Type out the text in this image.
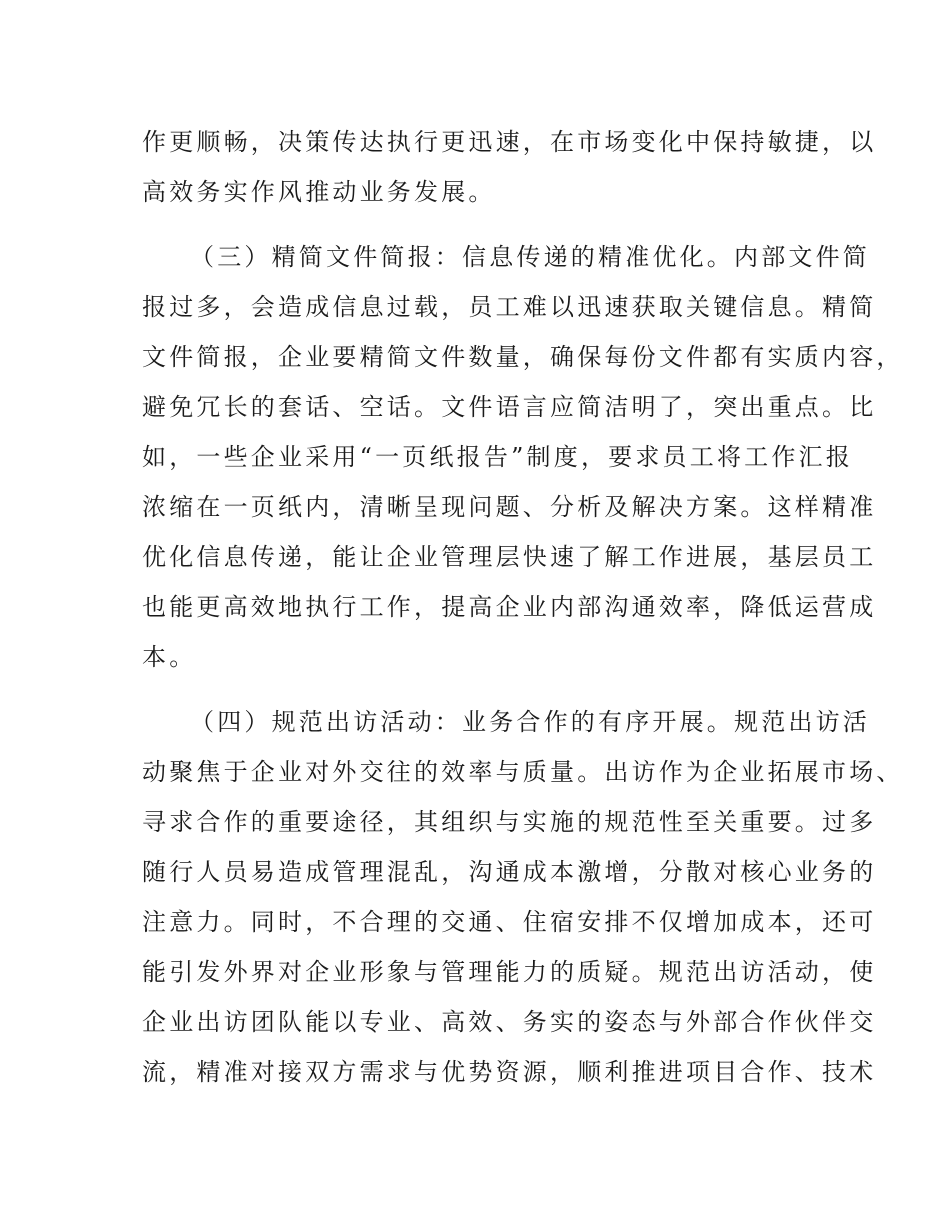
作更顺畅，决策传达执行更迅速，在市场变化中保持敏捷，以
高效务实作风推动业务发展。
（三）精简文件简报：信息传递的精准优化。内部文件简
报过多，会造成信息过载，员工难以迅速获取关键信息。精简
文件简报，企业要精简文件数量，确保每份文件都有实质内容，
避免冗长的套话、空话。文件语言应简洁明了，突出重点。比
如，一些企业采用“一页纸报告”制度，要求员工将工作汇报
浓缩在一页纸内，清晰呈现问题、分析及解决方案。这样精准
优化信息传递，能让企业管理层快速了解工作进展，基层员工
也能更高效地执行工作，提高企业内部沟通效率，降低运营成
本。
（四）规范出访活动：业务合作的有序开展。规范出访活
动聚焦于企业对外交往的效率与质量。出访作为企业拓展市场、
寻求合作的重要途径，其组织与实施的规范性至关重要。过多
随行人员易造成管理混乱，沟通成本激增，分散对核心业务的
注意力。同时，不合理的交通、住宿安排不仅增加成本，还可
能引发外界对企业形象与管理能力的质疑。规范出访活动，使
企业出访团队能以专业、高效、务实的姿态与外部合作伙伴交
流，精准对接双方需求与优势资源，顺利推进项目合作、技术
